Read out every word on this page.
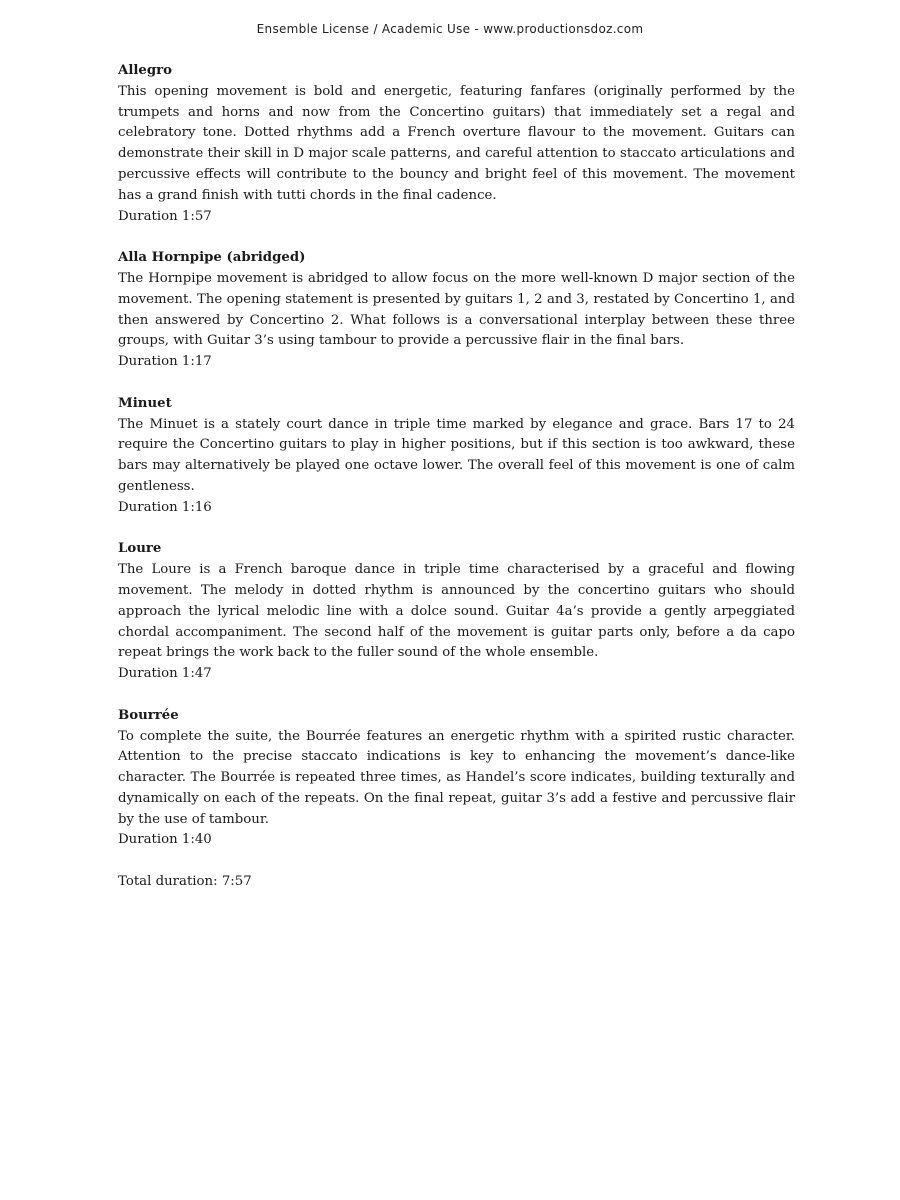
Ensemble License / Academic Use - www.productionsdoz.com

Allegro

This opening movement is bold and energetic, featuring fanfares (originally performed by the trumpets and horns and now from the Concertino guitars) that immediately set a regal and celebratory tone. Dotted rhythms add a French overture flavour to the movement. Guitars can demonstrate their skill in D major scale patterns, and careful attention to staccato articulations and percussive effects will contribute to the bouncy and bright feel of this movement. The movement has a grand finish with tutti chords in the final cadence.

Duration 1:57

Alla Hornpipe (abridged)

The Hornpipe movement is abridged to allow focus on the more well-known D major section of the movement. The opening statement is presented by guitars 1, 2 and 3, restated by Concertino 1, and then answered by Concertino 2. What follows is a conversational interplay between these three groups, with Guitar 3’s using tambour to provide a percussive flair in the final bars.

Duration 1:17

Minuet

The Minuet is a stately court dance in triple time marked by elegance and grace. Bars 17 to 24 require the Concertino guitars to play in higher positions, but if this section is too awkward, these bars may alternatively be played one octave lower. The overall feel of this movement is one of calm gentleness.

Duration 1:16

Loure

The Loure is a French baroque dance in triple time characterised by a graceful and flowing movement. The melody in dotted rhythm is announced by the concertino guitars who should approach the lyrical melodic line with a dolce sound. Guitar 4a’s provide a gently arpeggiated chordal accompaniment. The second half of the movement is guitar parts only, before a da capo repeat brings the work back to the fuller sound of the whole ensemble.

Duration 1:47

Bourrée

To complete the suite, the Bourrée features an energetic rhythm with a spirited rustic character. Attention to the precise staccato indications is key to enhancing the movement’s dance-like character. The Bourrée is repeated three times, as Handel’s score indicates, building texturally and dynamically on each of the repeats. On the final repeat, guitar 3’s add a festive and percussive flair by the use of tambour.

Duration 1:40

Total duration: 7:57
